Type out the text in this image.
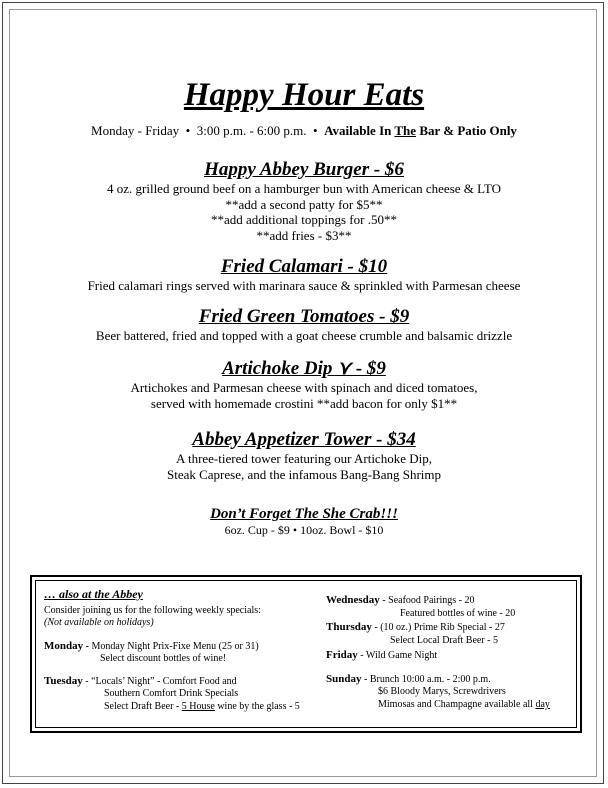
Happy Hour Eats
Monday - Friday • 3:00 p.m. - 6:00 p.m. • Available In The Bar & Patio Only
Happy Abbey Burger - $6

4 oz. grilled ground beef on a hamburger bun with American cheese & LTO

**add a second patty for $5**

**add additional toppings for .50**

**add fries - $3**

Fried Calamari - $10

Fried calamari rings served with marinara sauce & sprinkled with Parmesan cheese

Fried Green Tomatoes - $9

Beer battered, fried and topped with a goat cheese crumble and balsamic drizzle

Artichoke Dip ⋎ - $9

Artichokes and Parmesan cheese with spinach and diced tomatoes,

served with homemade crostini **add bacon for only $1**

Abbey Appetizer Tower - $34

A three-tiered tower featuring our Artichoke Dip,

Steak Caprese, and the infamous Bang-Bang Shrimp

Don’t Forget The She Crab!!!

6oz. Cup - $9 • 10oz. Bowl - $10

… also at the Abbey
Consider joining us for the following weekly specials:
(Not available on holidays)
Monday - Monday Night Prix-Fixe Menu (25 or 31)
Select discount bottles of wine!
Tuesday - “Locals’ Night” - Comfort Food and
Southern Comfort Drink Specials
Select Draft Beer - 5 House wine by the glass - 5
Wednesday - Seafood Pairings - 20
Featured bottles of wine - 20
Thursday - (10 oz.) Prime Rib Special - 27
Select Local Draft Beer - 5
Friday - Wild Game Night
Sunday - Brunch 10:00 a.m. - 2:00 p.m.
$6 Bloody Marys, Screwdrivers
Mimosas and Champagne available all day
